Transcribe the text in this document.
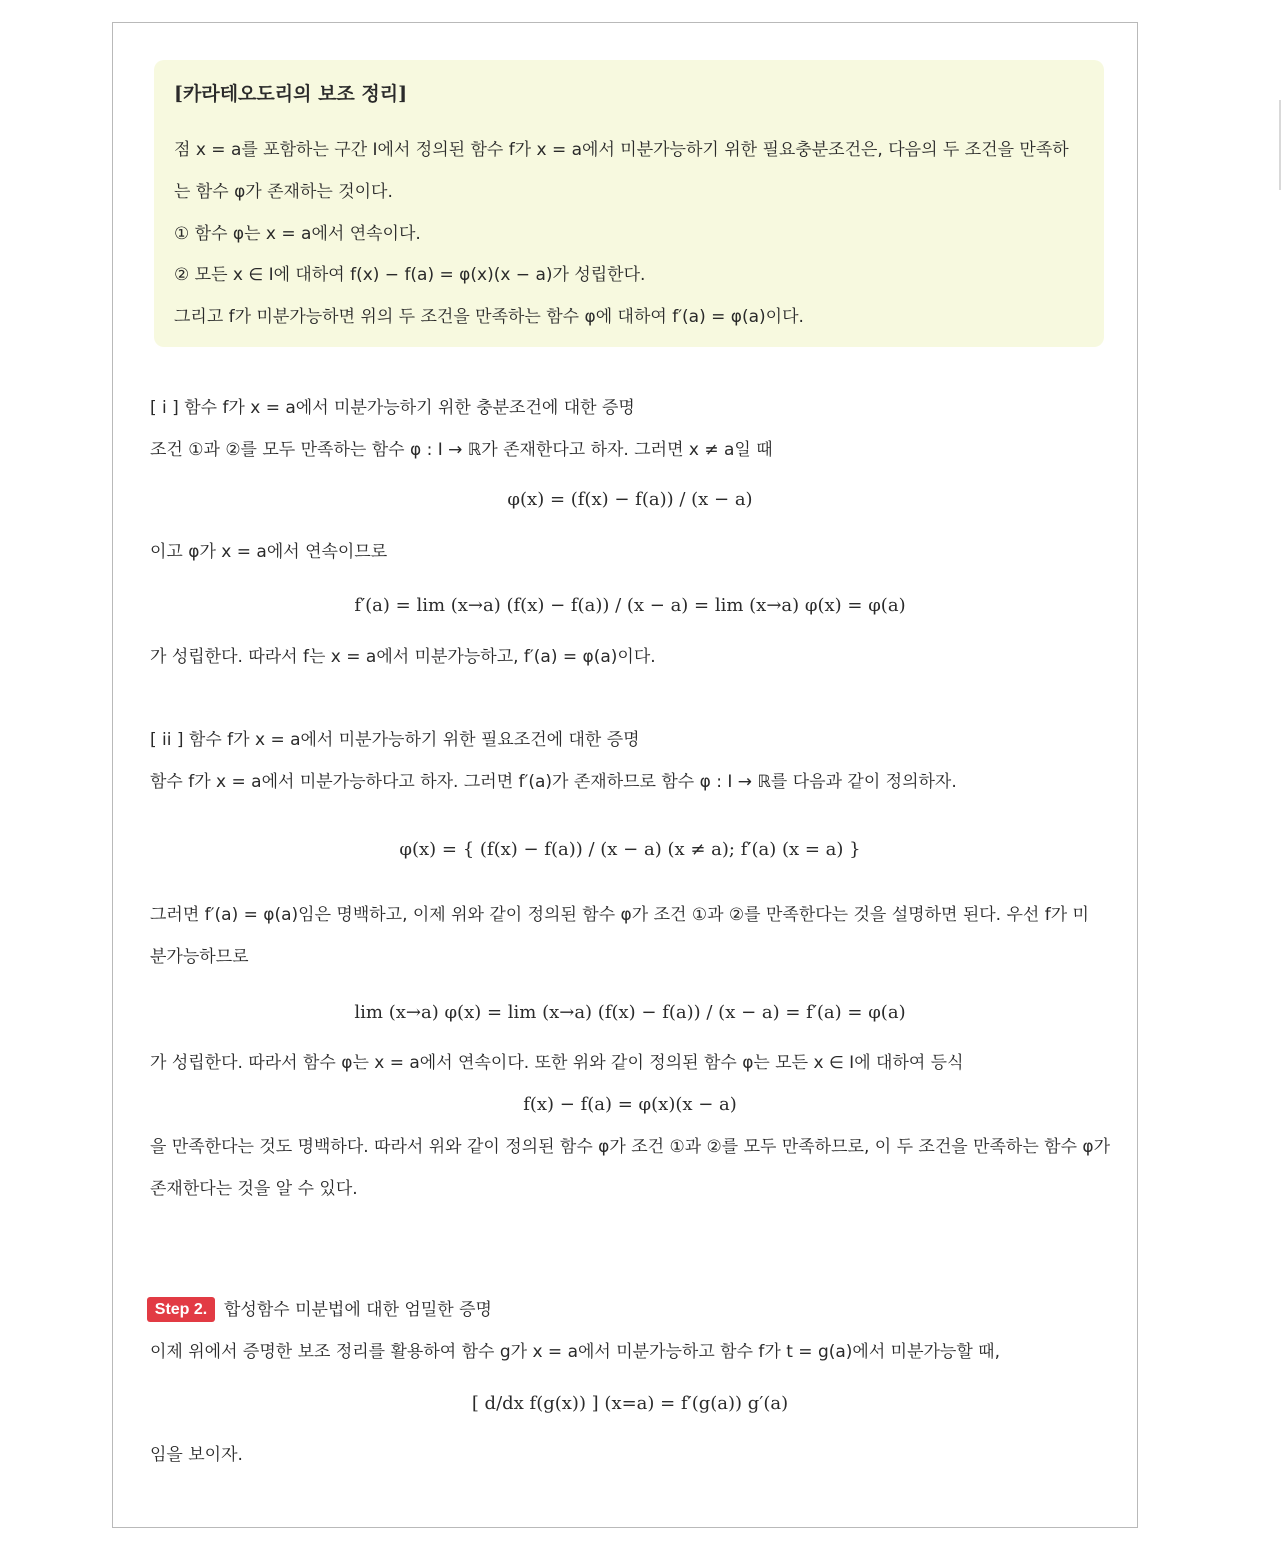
[카라테오도리의 보조 정리]
점 x = a를 포함하는 구간 I에서 정의된 함수 f가 x = a에서 미분가능하기 위한 필요충분조건은, 다음의 두 조건을 만족하
는 함수 φ가 존재하는 것이다.
① 함수 φ는 x = a에서 연속이다.
② 모든 x ∈ I에 대하여 f(x) − f(a) = φ(x)(x − a)가 성립한다.
그리고 f가 미분가능하면 위의 두 조건을 만족하는 함수 φ에 대하여 f′(a) = φ(a)이다.
[ i ] 함수 f가 x = a에서 미분가능하기 위한 충분조건에 대한 증명
조건 ①과 ②를 모두 만족하는 함수 φ : I → ℝ가 존재한다고 하자. 그러면 x ≠ a일 때
φ(x) = (f(x) − f(a)) / (x − a)
이고 φ가 x = a에서 연속이므로
f′(a) = lim (x→a) (f(x) − f(a)) / (x − a) = lim (x→a) φ(x) = φ(a)
가 성립한다. 따라서 f는 x = a에서 미분가능하고, f′(a) = φ(a)이다.
[ ii ] 함수 f가 x = a에서 미분가능하기 위한 필요조건에 대한 증명
함수 f가 x = a에서 미분가능하다고 하자. 그러면 f′(a)가 존재하므로 함수 φ : I → ℝ를 다음과 같이 정의하자.
φ(x) = { (f(x) − f(a)) / (x − a) (x ≠ a); f′(a) (x = a) }
그러면 f′(a) = φ(a)임은 명백하고, 이제 위와 같이 정의된 함수 φ가 조건 ①과 ②를 만족한다는 것을 설명하면 된다. 우선 f가 미
분가능하므로
lim (x→a) φ(x) = lim (x→a) (f(x) − f(a)) / (x − a) = f′(a) = φ(a)
가 성립한다. 따라서 함수 φ는 x = a에서 연속이다. 또한 위와 같이 정의된 함수 φ는 모든 x ∈ I에 대하여 등식
f(x) − f(a) = φ(x)(x − a)
을 만족한다는 것도 명백하다. 따라서 위와 같이 정의된 함수 φ가 조건 ①과 ②를 모두 만족하므로, 이 두 조건을 만족하는 함수 φ가
존재한다는 것을 알 수 있다.
Step 2. 합성함수 미분법에 대한 엄밀한 증명
이제 위에서 증명한 보조 정리를 활용하여 함수 g가 x = a에서 미분가능하고 함수 f가 t = g(a)에서 미분가능할 때,
[ d/dx f(g(x)) ] (x=a) = f′(g(a)) g′(a)
임을 보이자.
